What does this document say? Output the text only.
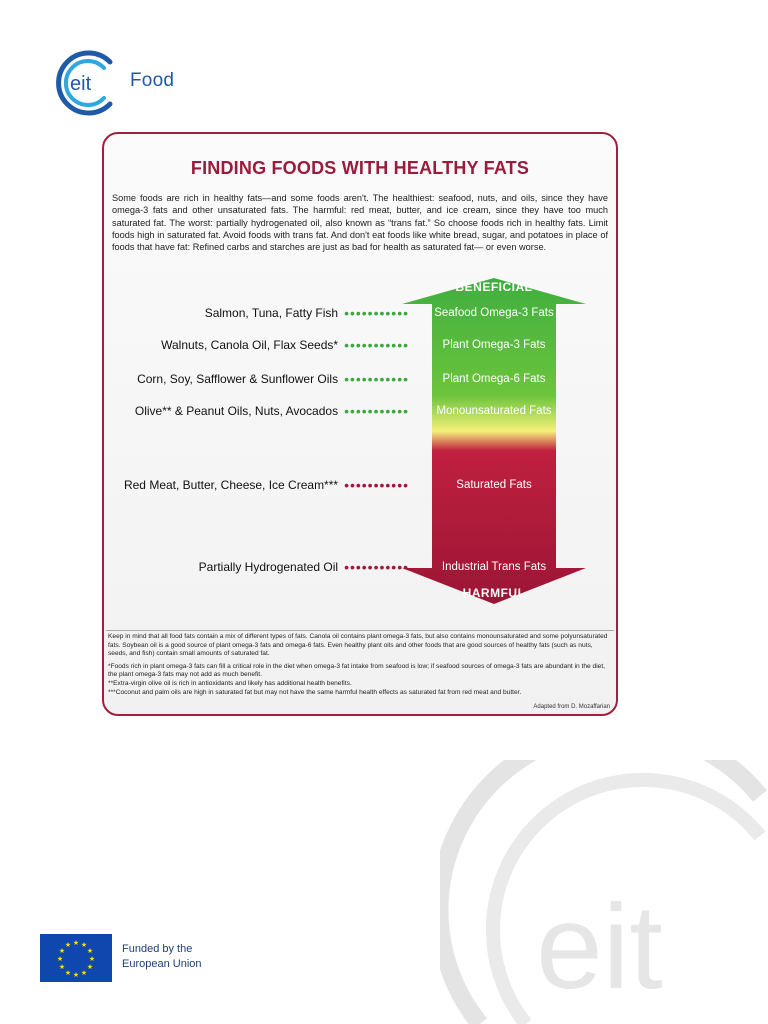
eit Food
FINDING FOODS WITH HEALTHY FATS
Some foods are rich in healthy fats—and some foods aren't. The healthiest: seafood, nuts, and oils, since they have omega-3 fats and other unsaturated fats. The harmful: red meat, butter, and ice cream, since they have too much saturated fat. The worst: partially hydrogenated oil, also known as “trans fat.” So choose foods rich in healthy fats. Limit foods high in saturated fat. Avoid foods with trans fat. And don't eat foods like white bread, sugar, and potatoes in place of foods that have fat: Refined carbs and starches are just as bad for health as saturated fat— or even worse.
BENEFICIAL
HARMFUL
Salmon, Tuna, Fatty Fish •••••••••••	Seafood Omega-3 Fats
Walnuts, Canola Oil, Flax Seeds* •••••••••••	Plant Omega-3 Fats
Corn, Soy, Safflower & Sunflower Oils •••••••••••	Plant Omega-6 Fats
Olive** & Peanut Oils, Nuts, Avocados •••••••••••	Monounsaturated Fats
Red Meat, Butter, Cheese, Ice Cream*** •••••••••••	Saturated Fats
Partially Hydrogenated Oil •••••••••••	Industrial Trans Fats

Keep in mind that all food fats contain a mix of different types of fats. Canola oil contains plant omega-3 fats, but also contains monounsaturated and some polyunsaturated fats. Soybean oil is a good source of plant omega-3 fats and omega-6 fats. Even healthy plant oils and other foods that are good sources of healthy fats (such as nuts, seeds, and fish) contain small amounts of saturated fat.

*Foods rich in plant omega-3 fats can fill a critical role in the diet when omega-3 fat intake from seafood is low; if seafood sources of omega-3 fats are abundant in the diet, the plant omega-3 fats may not add as much benefit.
**Extra-virgin olive oil is rich in antioxidants and likely has additional health benefits.
***Coconut and palm oils are high in saturated fat but may not have the same harmful health effects as saturated fat from red meat and butter.

Adapted from D. Mozaffarian
eit
★ ★
★
★
★
★
★
★
★
★
★
★	Funded by the
European Union
